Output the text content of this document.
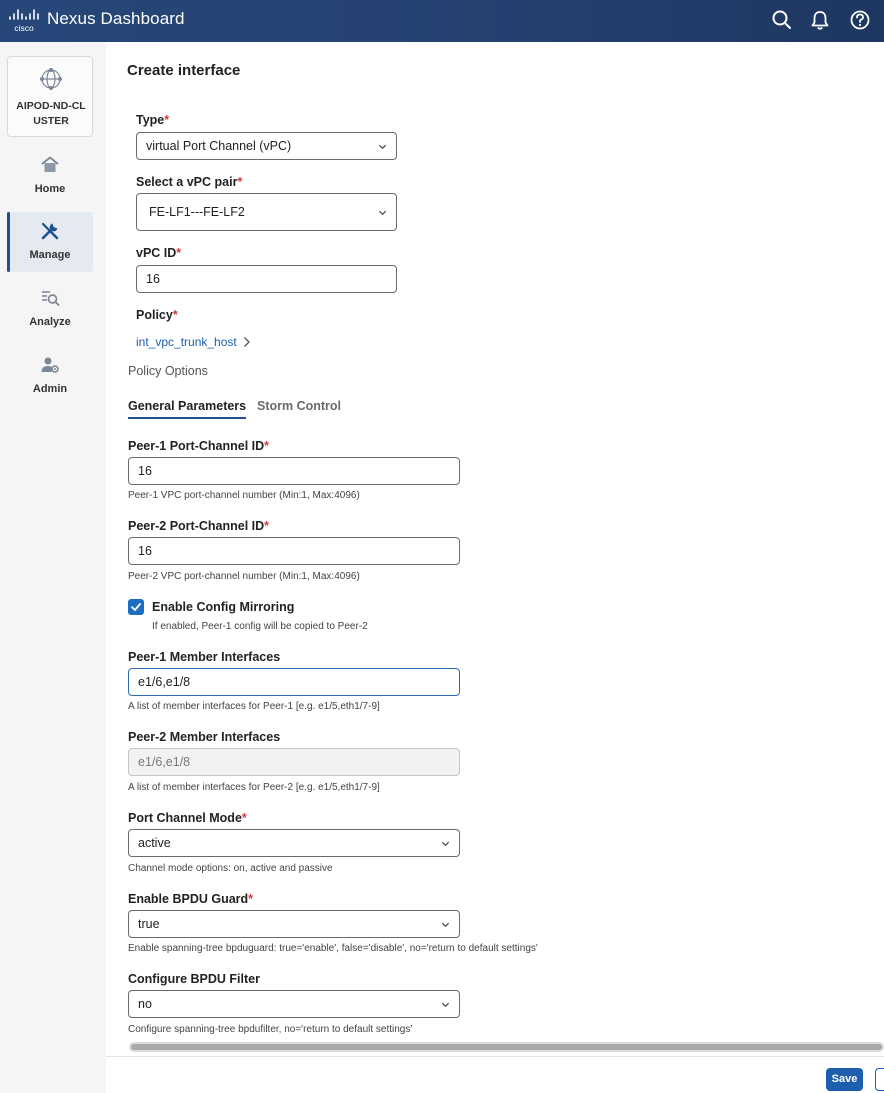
cisco Nexus Dashboard
AIPOD-ND-CL USTER
Home
Manage
Analyze
Admin
Create interface
Type*
virtual Port Channel (vPC)
Select a vPC pair*
FE-LF1---FE-LF2
vPC ID*
16
Policy*
int_vpc_trunk_host
Policy Options
General Parameters Storm Control
Peer-1 Port-Channel ID*
16
Peer-1 VPC port-channel number (Min:1, Max:4096)
Peer-2 Port-Channel ID*
16
Peer-2 VPC port-channel number (Min:1, Max:4096)
Enable Config Mirroring
If enabled, Peer-1 config will be copied to Peer-2
Peer-1 Member Interfaces
e1/6,e1/8
A list of member interfaces for Peer-1 [e.g. e1/5,eth1/7-9]
Peer-2 Member Interfaces
e1/6,e1/8
A list of member interfaces for Peer-2 [e.g. e1/5,eth1/7-9]
Port Channel Mode*
active
Channel mode options: on, active and passive
Enable BPDU Guard*
true
Enable spanning-tree bpduguard: true='enable', false='disable', no='return to default settings'
Configure BPDU Filter
no
Configure spanning-tree bpdufilter, no='return to default settings'
Save
